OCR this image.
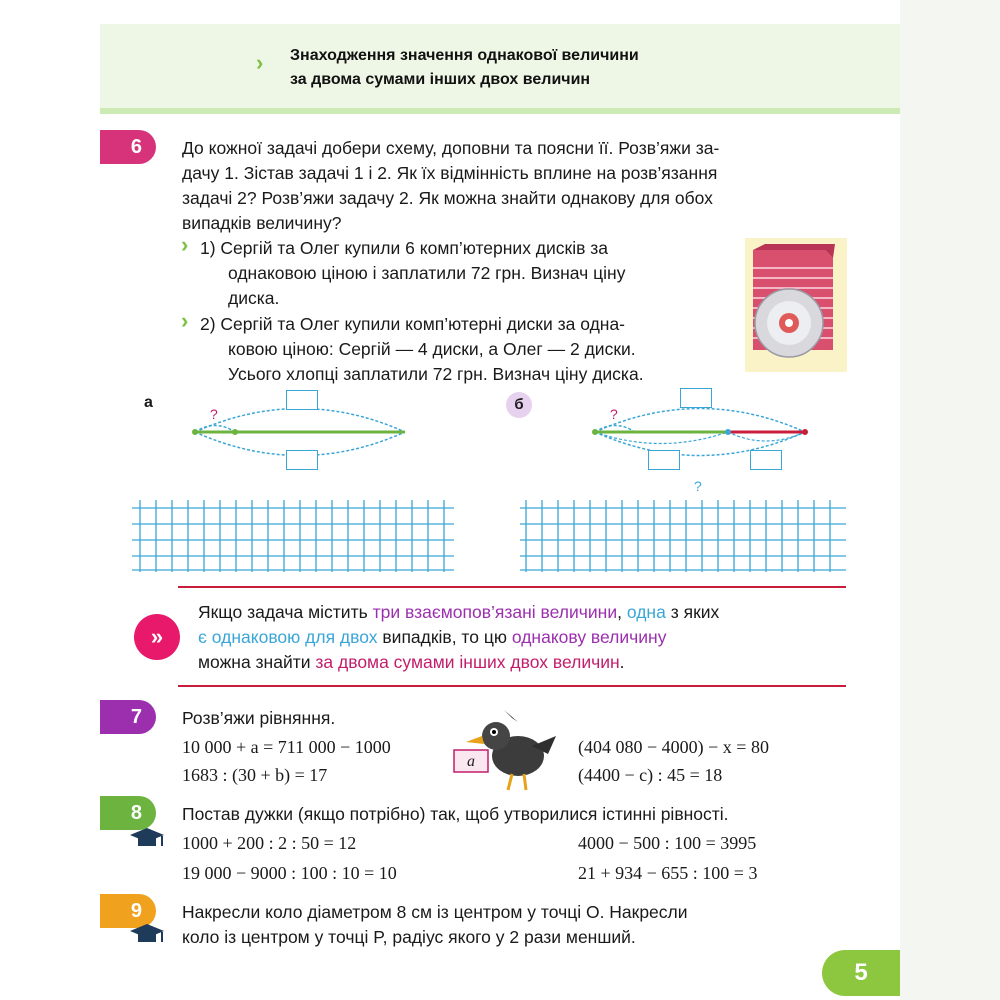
› Знаходження значення однакової величини
за двома сумами інших двох величин
6	До кожної задачі добери схему, доповни та поясни її. Розв’яжи за-
дачу 1. Зістав задачі 1 і 2. Як їх відмінність вплине на розв’язання
задачі 2? Розв’яжи задачу 2. Як можна знайти однакову для обох
випадків величину?
› 1) Сергій та Олег купили 6 комп’ютерних дисків за
однаковою ціною і заплатили 72 грн. Визнач ціну
диска.
› 2) Сергій та Олег купили комп’ютерні диски за одна-
ковою ціною: Сергій — 4 диски, а Олег — 2 диски.
Усього хлопці заплатили 72 грн. Визнач ціну диска.
а
?
б
?
?
»
Якщо задача містить три взаємопов’язані величини, одна з яких
є однаковою для двох випадків, то цю однакову величину
можна знайти за двома сумами інших двох величин.
7	Розв’яжи рівняння.
10 000 + a = 711 000 − 1000
1683 : (30 + b) = 17
(404 080 − 4000) − x = 80
(4400 − c) : 45 = 18
a
8	Постав дужки (якщо потрібно) так, щоб утворилися істинні рівності.
1000 + 200 : 2 : 50 = 12
19 000 − 9000 : 100 : 10 = 10
4000 − 500 : 100 = 3995
21 + 934 − 655 : 100 = 3
9	Накресли коло діаметром 8 см із центром у точці O. Накресли
коло із центром у точці P, радіус якого у 2 рази менший.
5
